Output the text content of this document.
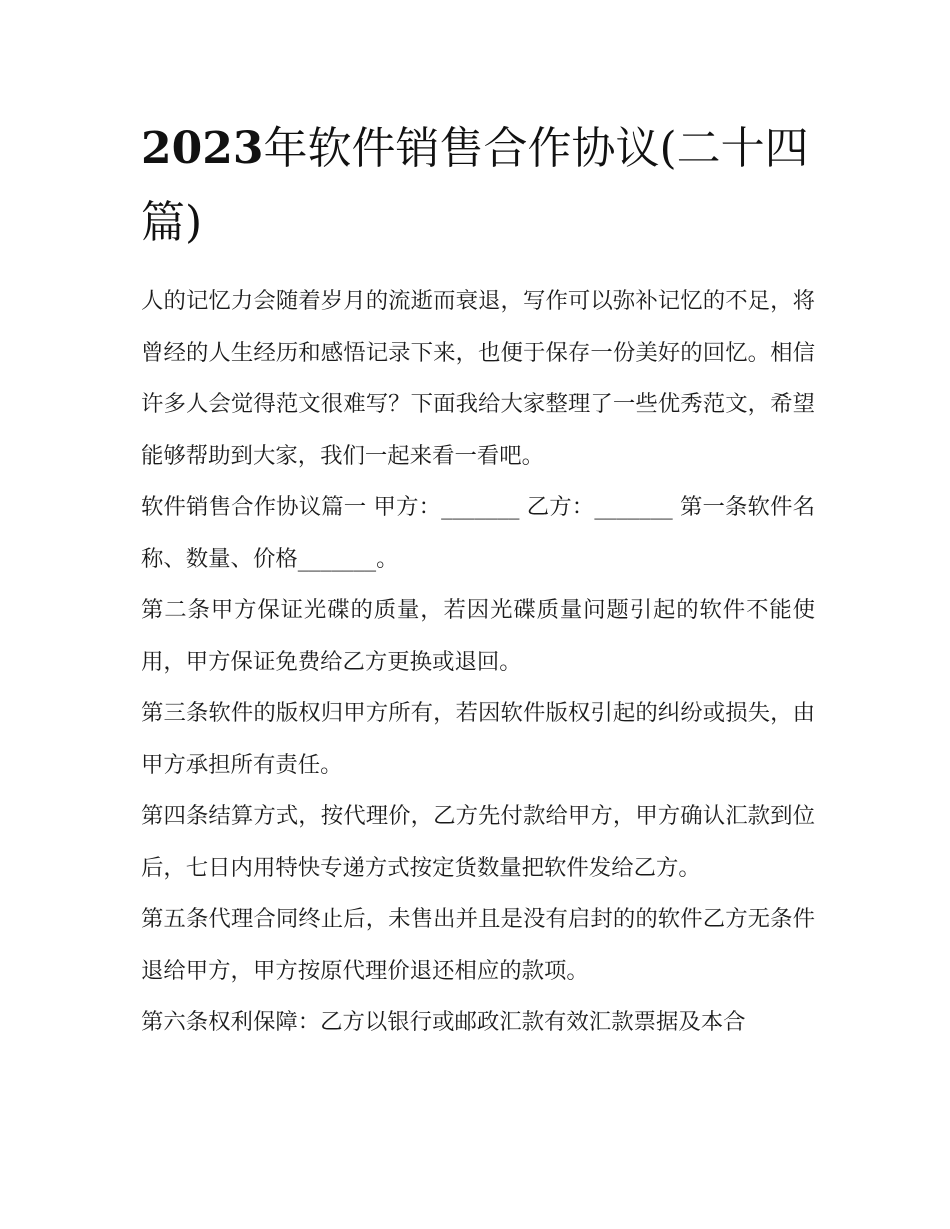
2023年软件销售合作协议(二十四篇)

人的记忆力会随着岁月的流逝而衰退，写作可以弥补记忆的不足，将曾经的人生经历和感悟记录下来，也便于保存一份美好的回忆。相信许多人会觉得范文很难写？下面我给大家整理了一些优秀范文，希望能够帮助到大家，我们一起来看一看吧。

软件销售合作协议篇一 甲方：_______ 乙方：_______ 第一条软件名称、数量、价格_______。

第二条甲方保证光碟的质量，若因光碟质量问题引起的软件不能使用，甲方保证免费给乙方更换或退回。

第三条软件的版权归甲方所有，若因软件版权引起的纠纷或损失，由甲方承担所有责任。

第四条结算方式，按代理价，乙方先付款给甲方，甲方确认汇款到位后，七日内用特快专递方式按定货数量把软件发给乙方。

第五条代理合同终止后，未售出并且是没有启封的的软件乙方无条件退给甲方，甲方按原代理价退还相应的款项。

第六条权利保障：乙方以银行或邮政汇款有效汇款票据及本合
